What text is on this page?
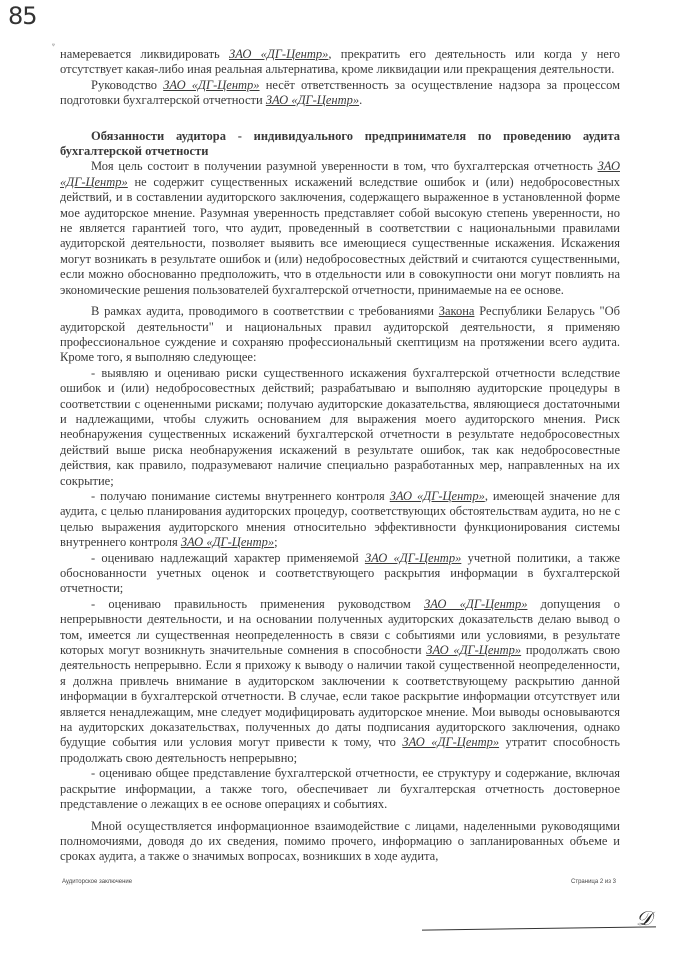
85
ᵩ

намеревается ликвидировать ЗАО «ДГ-Центр», прекратить его деятельность или когда у него отсутствует какая-либо иная реальная альтернатива, кроме ликвидации или прекращения деятельности.

Руководство ЗАО «ДГ-Центр» несёт ответственность за осуществление надзора за процессом подготовки бухгалтерской отчетности ЗАО «ДГ-Центр».

Обязанности аудитора - индивидуального предпринимателя по проведению аудита бухгалтерской отчетности

Моя цель состоит в получении разумной уверенности в том, что бухгалтерская отчетность ЗАО «ДГ-Центр» не содержит существенных искажений вследствие ошибок и (или) недобросовестных действий, и в составлении аудиторского заключения, содержащего выраженное в установленной форме мое аудиторское мнение. Разумная уверенность представляет собой высокую степень уверенности, но не является гарантией того, что аудит, проведенный в соответствии с национальными правилами аудиторской деятельности, позволяет выявить все имеющиеся существенные искажения. Искажения могут возникать в результате ошибок и (или) недобросовестных действий и считаются существенными, если можно обоснованно предположить, что в отдельности или в совокупности они могут повлиять на экономические решения пользователей бухгалтерской отчетности, принимаемые на ее основе.

В рамках аудита, проводимого в соответствии с требованиями Закона Республики Беларусь "Об аудиторской деятельности" и национальных правил аудиторской деятельности, я применяю профессиональное суждение и сохраняю профессиональный скептицизм на протяжении всего аудита. Кроме того, я выполняю следующее:

- выявляю и оцениваю риски существенного искажения бухгалтерской отчетности вследствие ошибок и (или) недобросовестных действий; разрабатываю и выполняю аудиторские процедуры в соответствии с оцененными рисками; получаю аудиторские доказательства, являющиеся достаточными и надлежащими, чтобы служить основанием для выражения моего аудиторского мнения. Риск необнаружения существенных искажений бухгалтерской отчетности в результате недобросовестных действий выше риска необнаружения искажений в результате ошибок, так как недобросовестные действия, как правило, подразумевают наличие специально разработанных мер, направленных на их сокрытие;

- получаю понимание системы внутреннего контроля ЗАО «ДГ-Центр», имеющей значение для аудита, с целью планирования аудиторских процедур, соответствующих обстоятельствам аудита, но не с целью выражения аудиторского мнения относительно эффективности функционирования системы внутреннего контроля ЗАО «ДГ-Центр»;

- оцениваю надлежащий характер применяемой ЗАО «ДГ-Центр» учетной политики, а также обоснованности учетных оценок и соответствующего раскрытия информации в бухгалтерской отчетности;

- оцениваю правильность применения руководством ЗАО «ДГ-Центр» допущения о непрерывности деятельности, и на основании полученных аудиторских доказательств делаю вывод о том, имеется ли существенная неопределенность в связи с событиями или условиями, в результате которых могут возникнуть значительные сомнения в способности ЗАО «ДГ-Центр» продолжать свою деятельность непрерывно. Если я прихожу к выводу о наличии такой существенной неопределенности, я должна привлечь внимание в аудиторском заключении к соответствующему раскрытию данной информации в бухгалтерской отчетности. В случае, если такое раскрытие информации отсутствует или является ненадлежащим, мне следует модифицировать аудиторское мнение. Мои выводы основываются на аудиторских доказательствах, полученных до даты подписания аудиторского заключения, однако будущие события или условия могут привести к тому, что ЗАО «ДГ-Центр» утратит способность продолжать свою деятельность непрерывно;

- оцениваю общее представление бухгалтерской отчетности, ее структуру и содержание, включая раскрытие информации, а также того, обеспечивает ли бухгалтерская отчетность достоверное представление о лежащих в ее основе операциях и событиях.

Мной осуществляется информационное взаимодействие с лицами, наделенными руководящими полномочиями, доводя до их сведения, помимо прочего, информацию о запланированных объеме и сроках аудита, а также о значимых вопросах, возникших в ходе аудита,

Аудиторское заключение	Страница 2 из 3
𝒟
